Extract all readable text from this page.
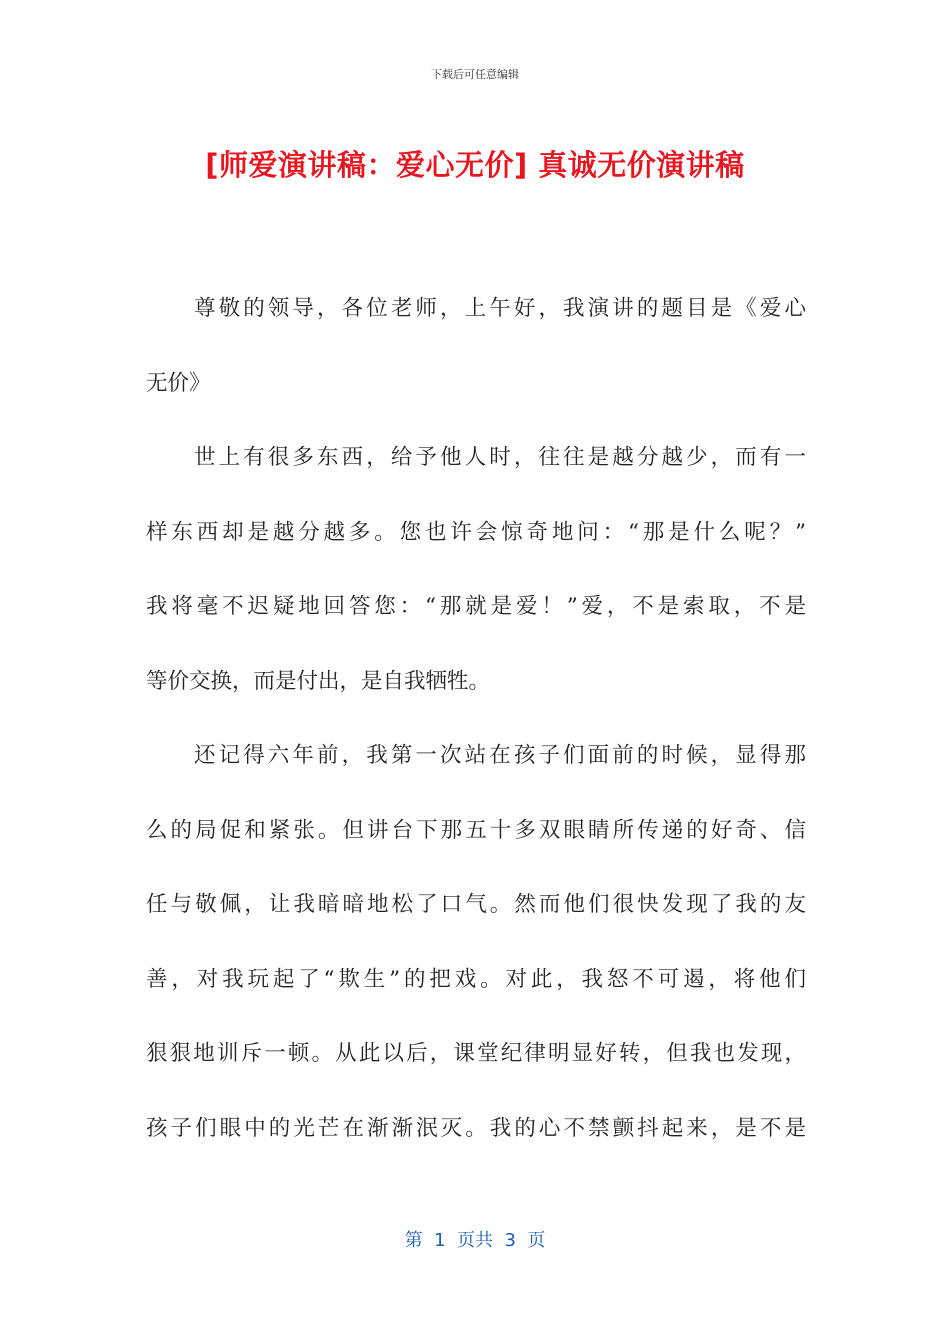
下载后可任意编辑
[师爱演讲稿：爱心无价] 真诚无价演讲稿
尊敬的领导，各位老师，上午好，我演讲的题目是《爱心
无价》
世上有很多东西，给予他人时，往往是越分越少，而有一
样东西却是越分越多。您也许会惊奇地问：“那是什么呢？”
我将毫不迟疑地回答您：“那就是爱！”爱，不是索取，不是
等价交换，而是付出，是自我牺牲。
还记得六年前，我第一次站在孩子们面前的时候，显得那
么的局促和紧张。但讲台下那五十多双眼睛所传递的好奇、信
任与敬佩，让我暗暗地松了口气。然而他们很快发现了我的友
善，对我玩起了“欺生”的把戏。对此，我怒不可遏，将他们
狠狠地训斥一顿。从此以后，课堂纪律明显好转，但我也发现，
孩子们眼中的光芒在渐渐泯灭。我的心不禁颤抖起来，是不是
第  1  页共  3  页
